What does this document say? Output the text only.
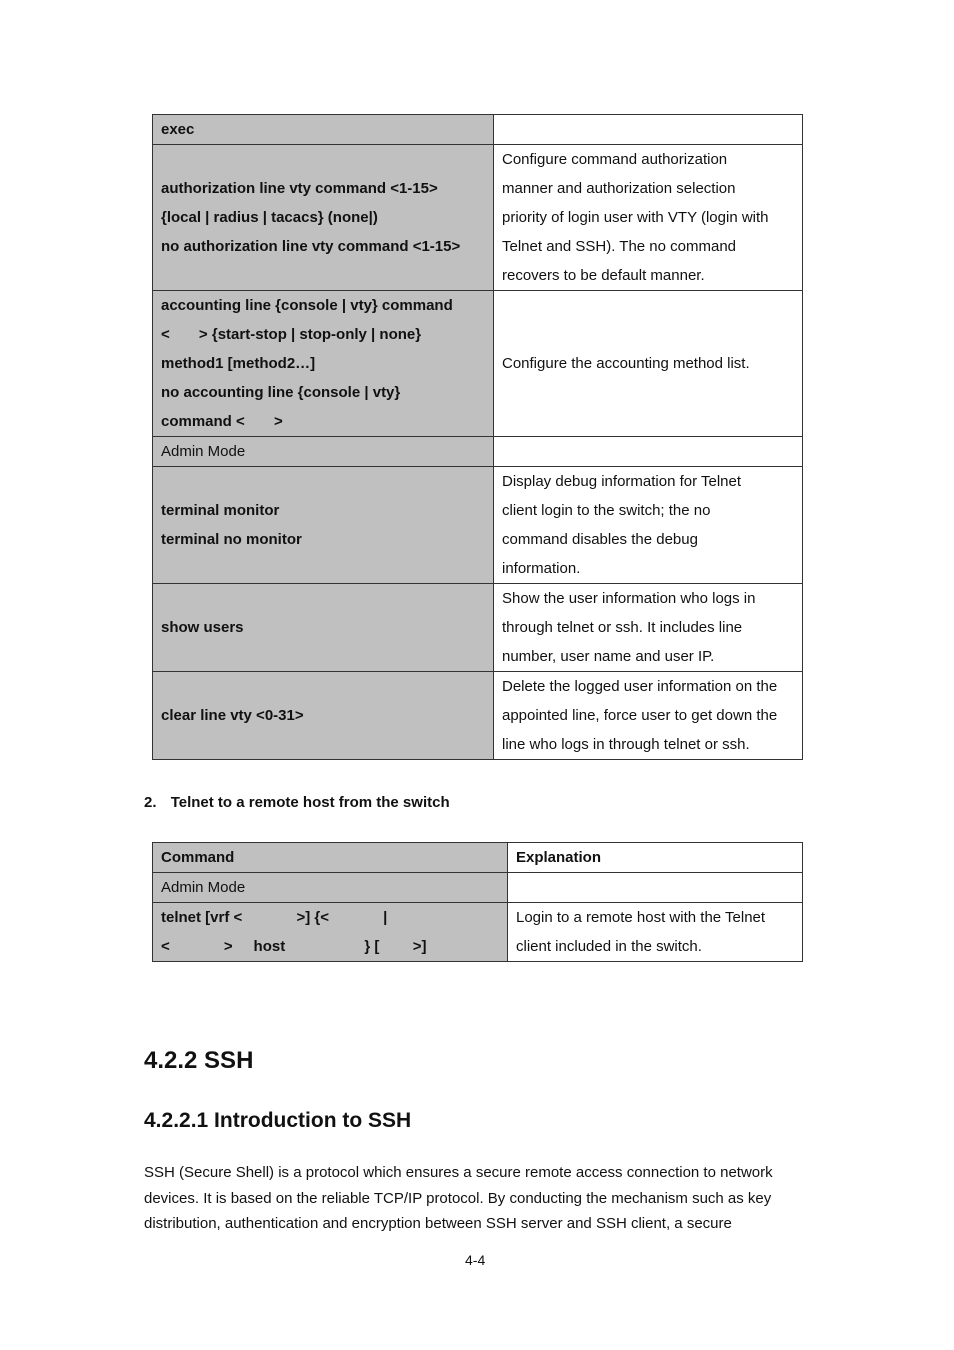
exec	

authorization line vty command <1-15>
{local | radius | tacacs} (none|)
no authorization line vty command <1-15>	Configure command authorization
manner and authorization selection
priority of login user with VTY (login with
Telnet and SSH). The no command
recovers to be default manner.

accounting line {console | vty} command
<       > {start-stop | stop-only | none}
method1 [method2…]
no accounting line {console | vty}
command <       >	Configure the accounting method list.
Admin Mode	

terminal monitor
terminal no monitor	Display debug information for Telnet
client login to the switch; the no
command disables the debug
information.

show users	Show the user information who logs in
through telnet or ssh. It includes line
number, user name and user IP.

clear line vty <0-31>	Delete the logged user information on the
appointed line, force user to get down the
line who logs in through telnet or ssh.
2. Telnet to a remote host from the switch
Command	Explanation
Admin Mode	

telnet [vrf <             >] {<             |
<             >     host                   } [        >]	Login to a remote host with the Telnet
client included in the switch.
4.2.2 SSH
4.2.2.1 Introduction to SSH
SSH (Secure Shell) is a protocol which ensures a secure remote access connection to network
devices. It is based on the reliable TCP/IP protocol. By conducting the mechanism such as key
distribution, authentication and encryption between SSH server and SSH client, a secure
4-4
